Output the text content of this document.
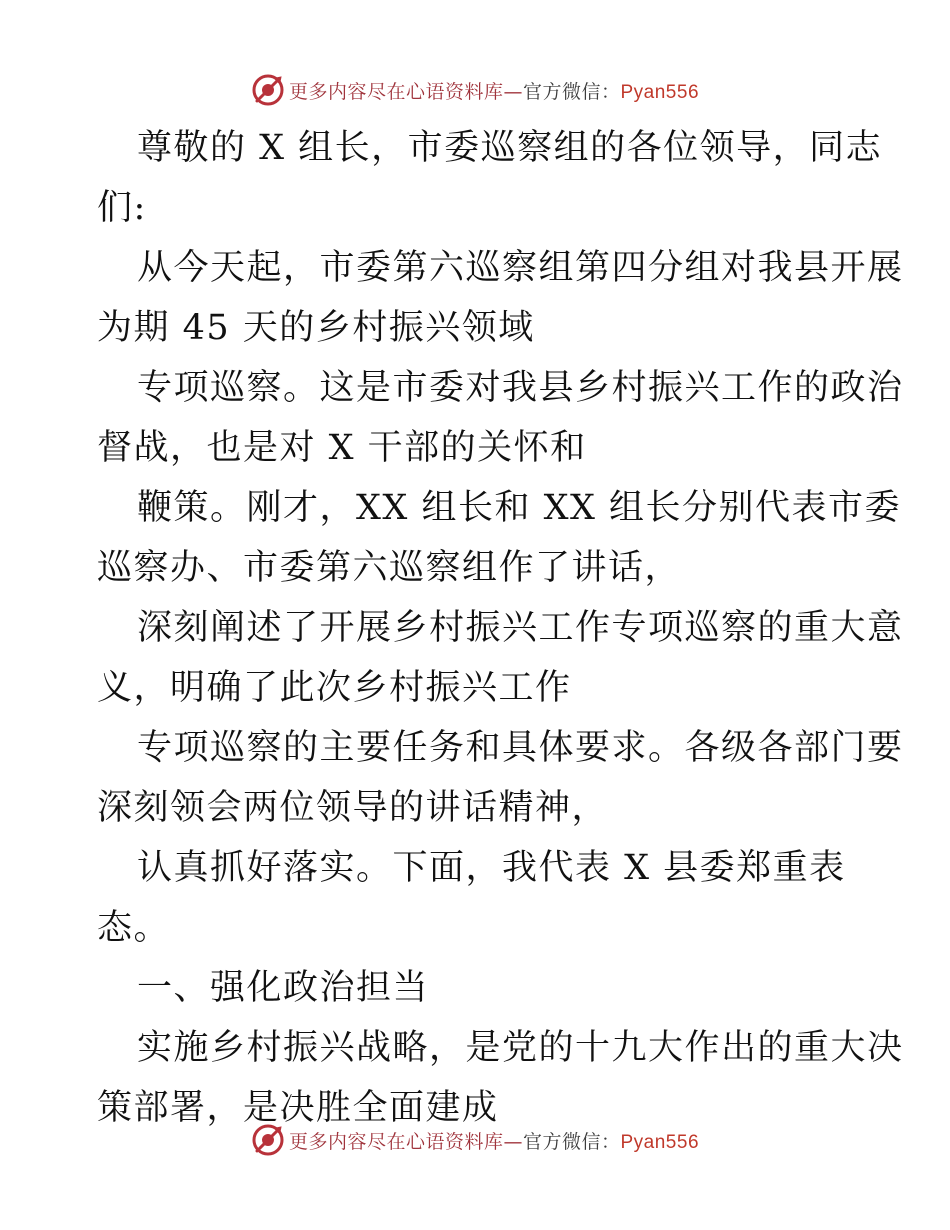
更多内容尽在心语资料库—官方微信：Pyan556
尊敬的 X 组长，市委巡察组的各位领导，同志
们:
从今天起，市委第六巡察组第四分组对我县开展
为期 45 天的乡村振兴领域
专项巡察。这是市委对我县乡村振兴工作的政治
督战，也是对 X 干部的关怀和
鞭策。刚才，XX 组长和 XX 组长分别代表市委
巡察办、市委第六巡察组作了讲话，
深刻阐述了开展乡村振兴工作专项巡察的重大意
义，明确了此次乡村振兴工作
专项巡察的主要任务和具体要求。各级各部门要
深刻领会两位领导的讲话精神，
认真抓好落实。下面，我代表 X 县委郑重表
态。
一、强化政治担当
实施乡村振兴战略，是党的十九大作出的重大决
策部署，是决胜全面建成
更多内容尽在心语资料库—官方微信：Pyan556
